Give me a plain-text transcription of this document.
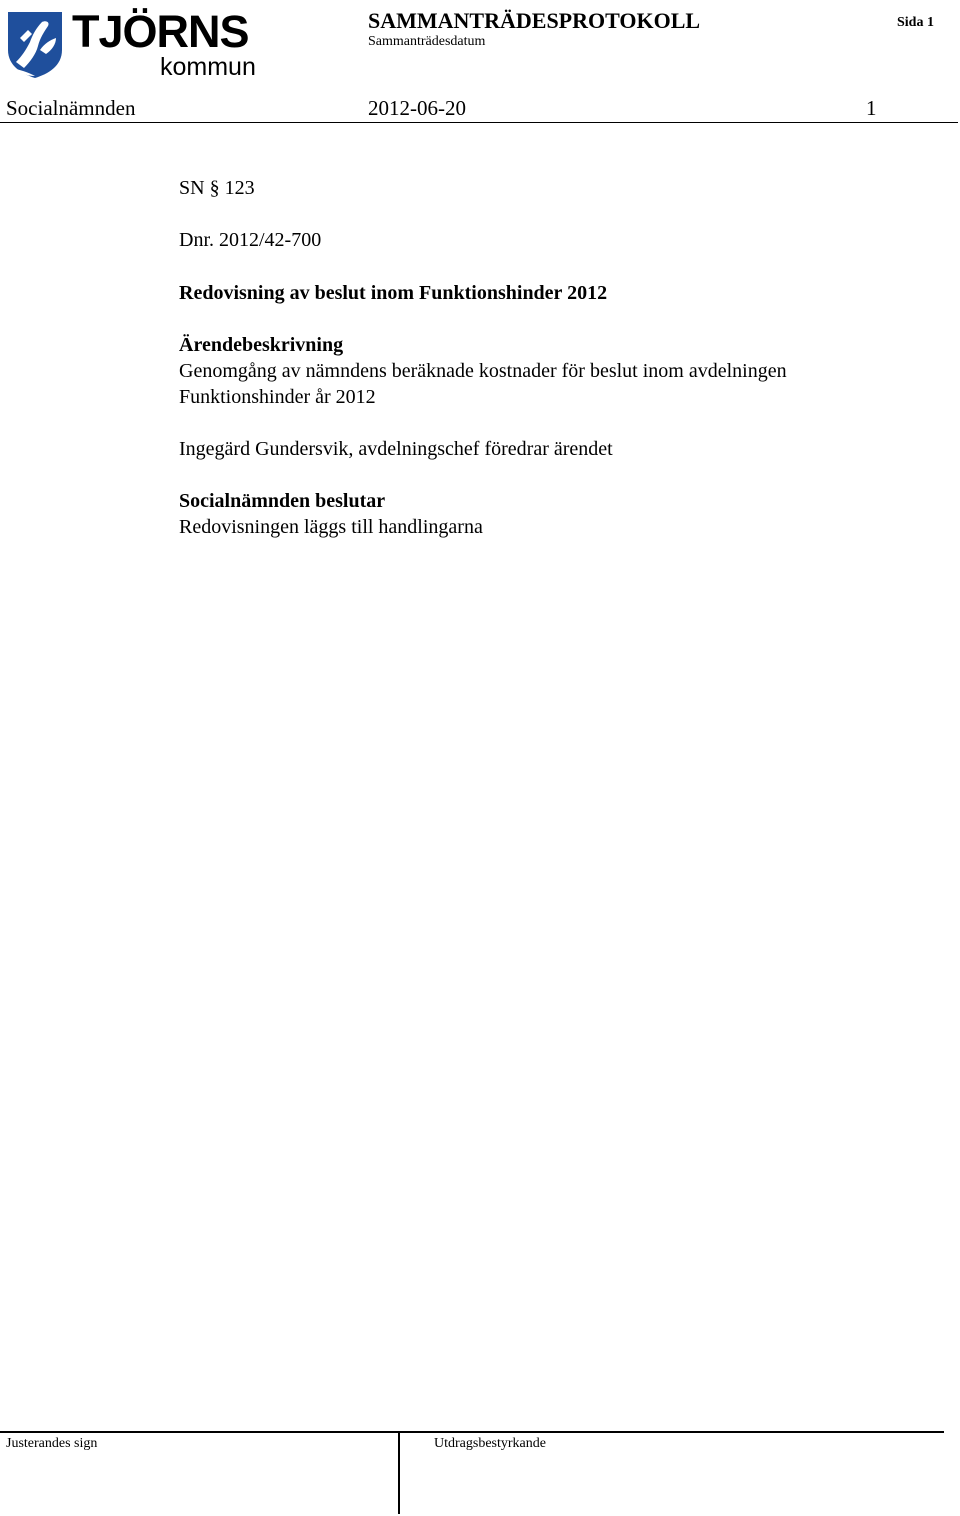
TJÖRNS
kommun
SAMMANTRÄDESPROTOKOLL
Sammanträdesdatum
Sida 1
Socialnämnden	2012-06-20	1
SN § 123
Dnr. 2012/42-700
Redovisning av beslut inom Funktionshinder 2012
Ärendebeskrivning
Genomgång av nämndens beräknade kostnader för beslut inom avdelningen
Funktionshinder år 2012
Ingegärd Gundersvik, avdelningschef föredrar ärendet
Socialnämnden beslutar
Redovisningen läggs till handlingarna
Justerandes sign	Utdragsbestyrkande
